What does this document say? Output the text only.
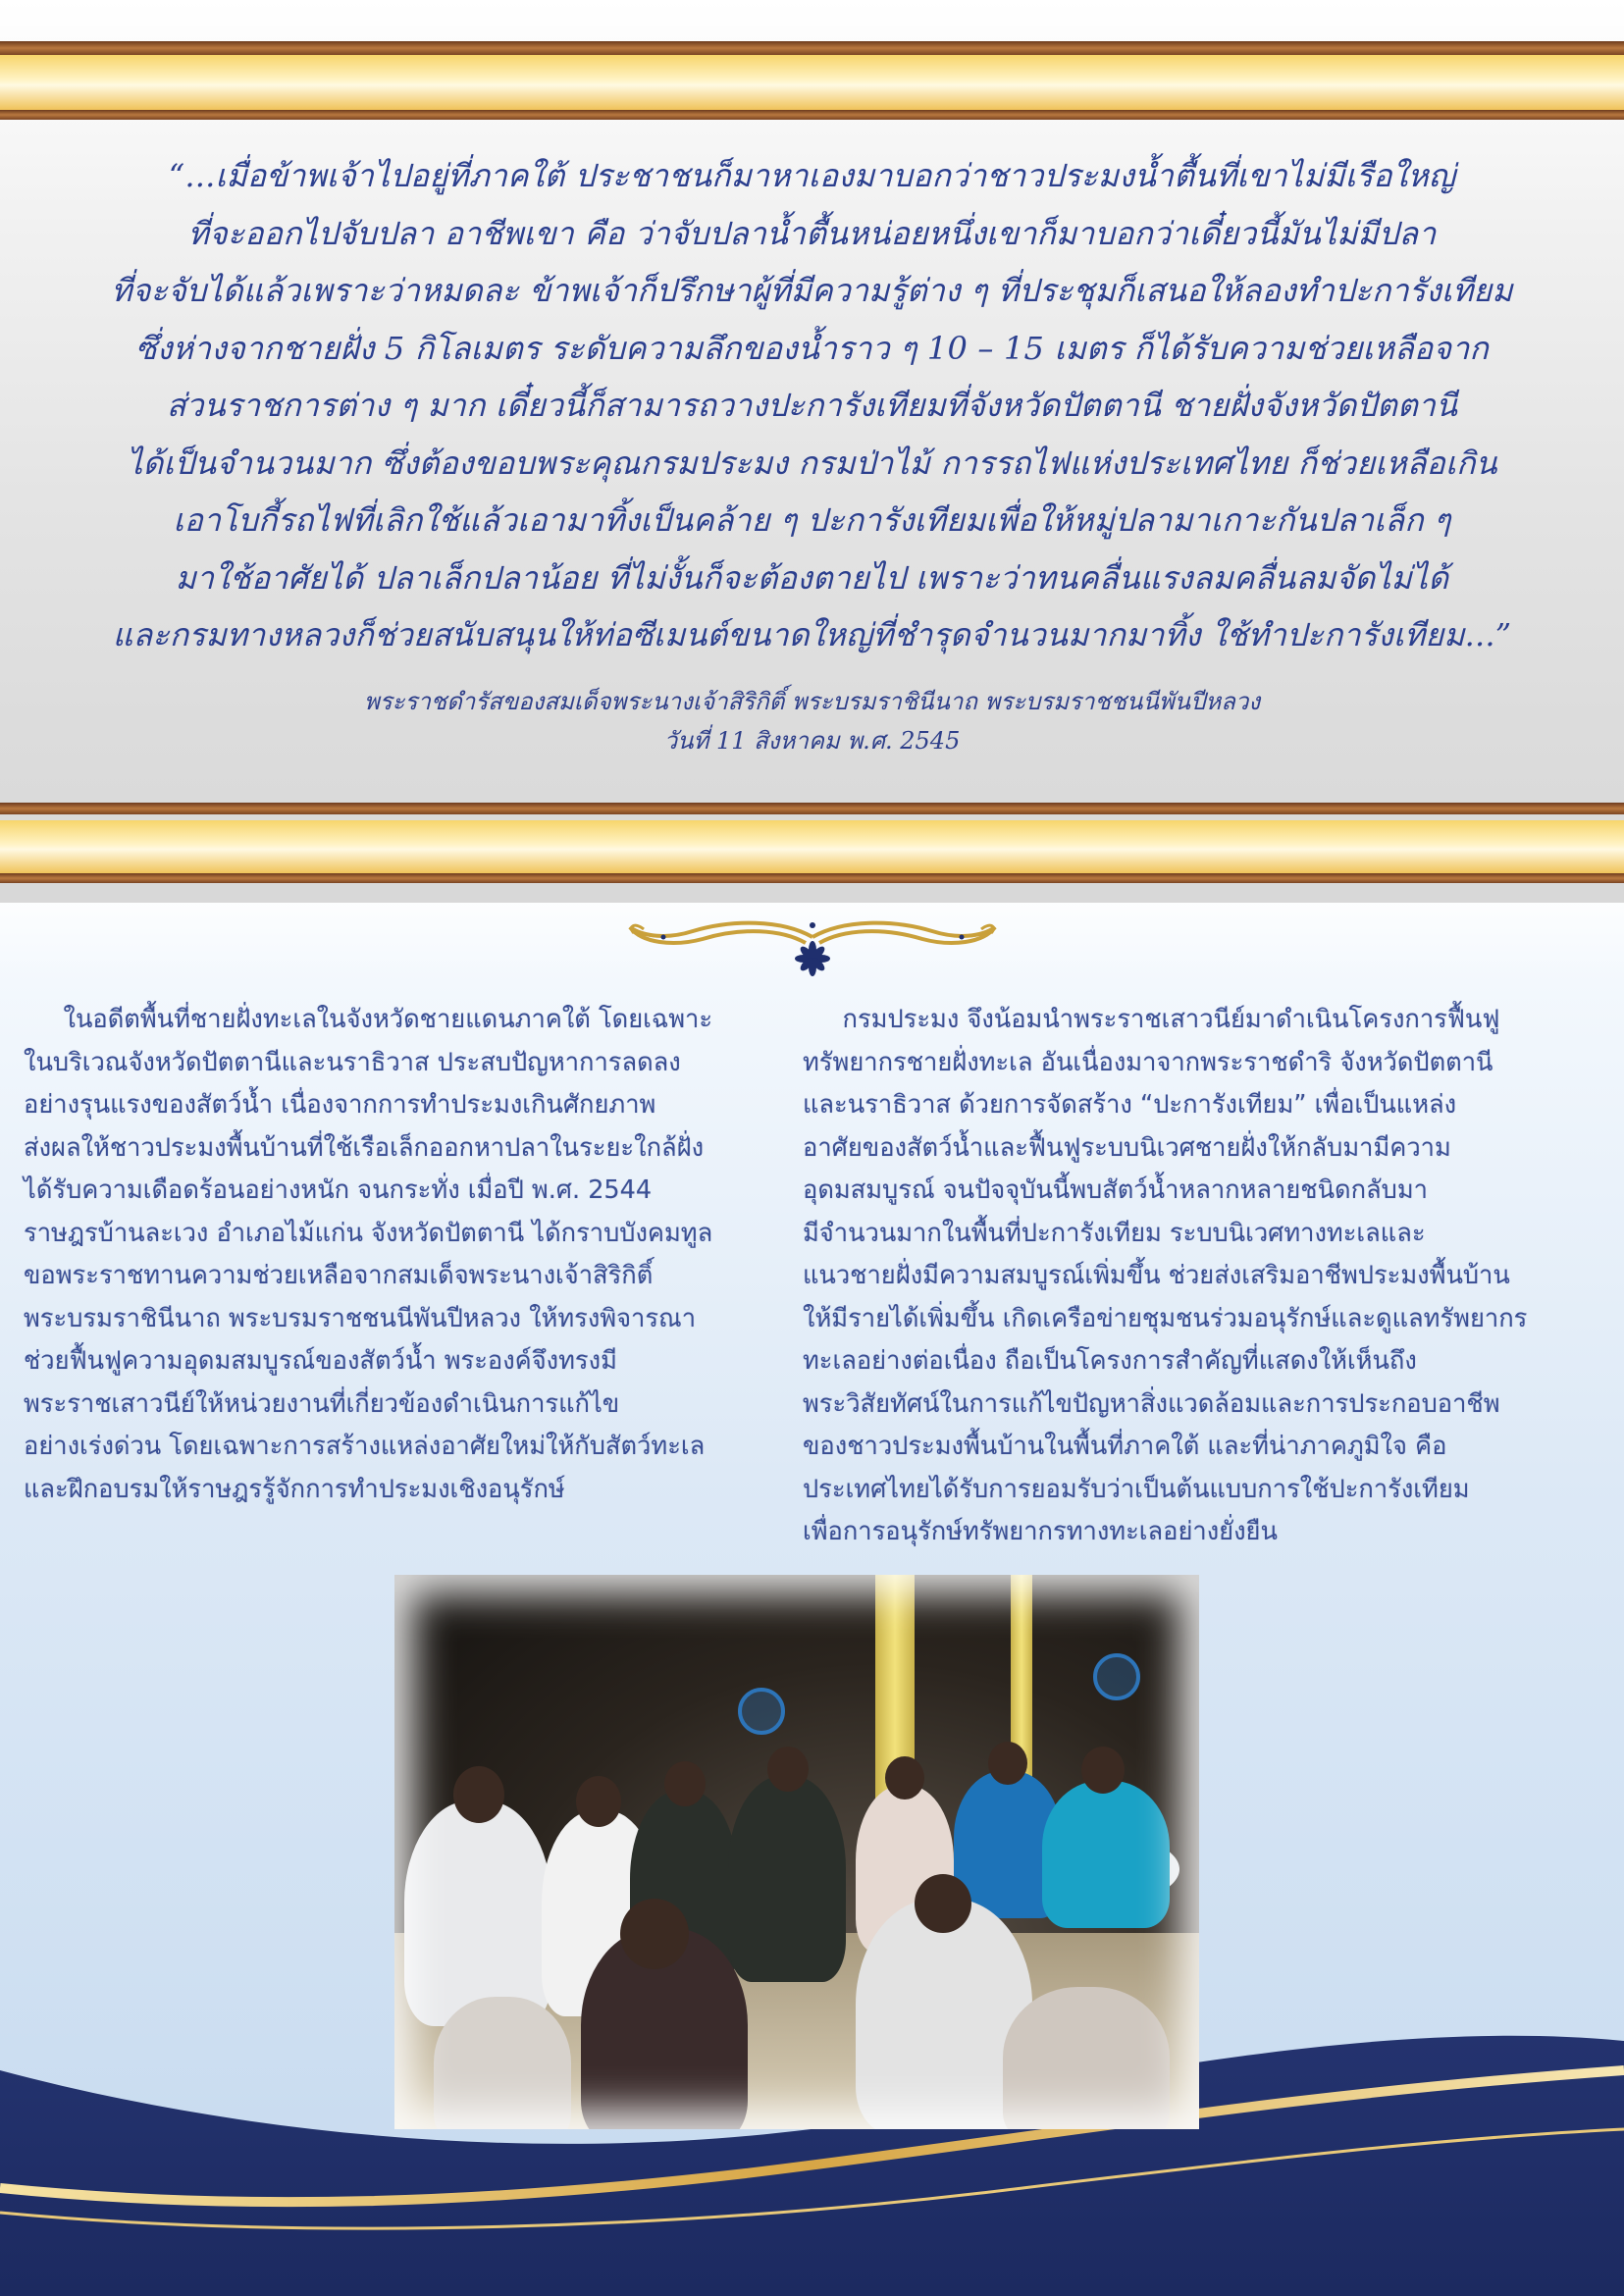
“...เมื่อข้าพเจ้าไปอยู่ที่ภาคใต้ ประชาชนก็มาหาเองมาบอกว่าชาวประมงน้ำตื้นที่เขาไม่มีเรือใหญ่
ที่จะออกไปจับปลา อาชีพเขา คือ ว่าจับปลาน้ำตื้นหน่อยหนึ่งเขาก็มาบอกว่าเดี๋ยวนี้มันไม่มีปลา
ที่จะจับได้แล้วเพราะว่าหมดละ ข้าพเจ้าก็ปรึกษาผู้ที่มีความรู้ต่าง ๆ ที่ประชุมก็เสนอให้ลองทำปะการังเทียม
ซึ่งห่างจากชายฝั่ง 5 กิโลเมตร ระดับความลึกของน้ำราว ๆ 10 – 15 เมตร ก็ได้รับความช่วยเหลือจาก
ส่วนราชการต่าง ๆ มาก เดี๋ยวนี้ก็สามารถวางปะการังเทียมที่จังหวัดปัตตานี ชายฝั่งจังหวัดปัตตานี
ได้เป็นจำนวนมาก ซึ่งต้องขอบพระคุณกรมประมง กรมป่าไม้ การรถไฟแห่งประเทศไทย ก็ช่วยเหลือเกิน
เอาโบกี้รถไฟที่เลิกใช้แล้วเอามาทิ้งเป็นคล้าย ๆ ปะการังเทียมเพื่อให้หมู่ปลามาเกาะกันปลาเล็ก ๆ
มาใช้อาศัยได้ ปลาเล็กปลาน้อย ที่ไม่งั้นก็จะต้องตายไป เพราะว่าทนคลื่นแรงลมคลื่นลมจัดไม่ได้
และกรมทางหลวงก็ช่วยสนับสนุนให้ท่อซีเมนต์ขนาดใหญ่ที่ชำรุดจำนวนมากมาทิ้ง ใช้ทำปะการังเทียม...”
พระราชดำรัสของสมเด็จพระนางเจ้าสิริกิติ์ พระบรมราชินีนาถ พระบรมราชชนนีพันปีหลวง
วันที่ 11 สิงหาคม พ.ศ. 2545
ในอดีตพื้นที่ชายฝั่งทะเลในจังหวัดชายแดนภาคใต้ โดยเฉพาะ
ในบริเวณจังหวัดปัตตานีและนราธิวาส ประสบปัญหาการลดลง
อย่างรุนแรงของสัตว์น้ำ เนื่องจากการทำประมงเกินศักยภาพ
ส่งผลให้ชาวประมงพื้นบ้านที่ใช้เรือเล็กออกหาปลาในระยะใกล้ฝั่ง
ได้รับความเดือดร้อนอย่างหนัก จนกระทั่ง เมื่อปี พ.ศ. 2544
ราษฎรบ้านละเวง อำเภอไม้แก่น จังหวัดปัตตานี ได้กราบบังคมทูล
ขอพระราชทานความช่วยเหลือจากสมเด็จพระนางเจ้าสิริกิติ์
พระบรมราชินีนาถ พระบรมราชชนนีพันปีหลวง ให้ทรงพิจารณา
ช่วยฟื้นฟูความอุดมสมบูรณ์ของสัตว์น้ำ พระองค์จึงทรงมี
พระราชเสาวนีย์ให้หน่วยงานที่เกี่ยวข้องดำเนินการแก้ไข
อย่างเร่งด่วน โดยเฉพาะการสร้างแหล่งอาศัยใหม่ให้กับสัตว์ทะเล
และฝึกอบรมให้ราษฎรรู้จักการทำประมงเชิงอนุรักษ์
กรมประมง จึงน้อมนำพระราชเสาวนีย์มาดำเนินโครงการฟื้นฟู
ทรัพยากรชายฝั่งทะเล อันเนื่องมาจากพระราชดำริ จังหวัดปัตตานี
และนราธิวาส ด้วยการจัดสร้าง “ปะการังเทียม” เพื่อเป็นแหล่ง
อาศัยของสัตว์น้ำและฟื้นฟูระบบนิเวศชายฝั่งให้กลับมามีความ
อุดมสมบูรณ์ จนปัจจุบันนี้พบสัตว์น้ำหลากหลายชนิดกลับมา
มีจำนวนมากในพื้นที่ปะการังเทียม ระบบนิเวศทางทะเลและ
แนวชายฝั่งมีความสมบูรณ์เพิ่มขึ้น ช่วยส่งเสริมอาชีพประมงพื้นบ้าน
ให้มีรายได้เพิ่มขึ้น เกิดเครือข่ายชุมชนร่วมอนุรักษ์และดูแลทรัพยากร
ทะเลอย่างต่อเนื่อง ถือเป็นโครงการสำคัญที่แสดงให้เห็นถึง
พระวิสัยทัศน์ในการแก้ไขปัญหาสิ่งแวดล้อมและการประกอบอาชีพ
ของชาวประมงพื้นบ้านในพื้นที่ภาคใต้ และที่น่าภาคภูมิใจ คือ
ประเทศไทยได้รับการยอมรับว่าเป็นต้นแบบการใช้ปะการังเทียม
เพื่อการอนุรักษ์ทรัพยากรทางทะเลอย่างยั่งยืน
